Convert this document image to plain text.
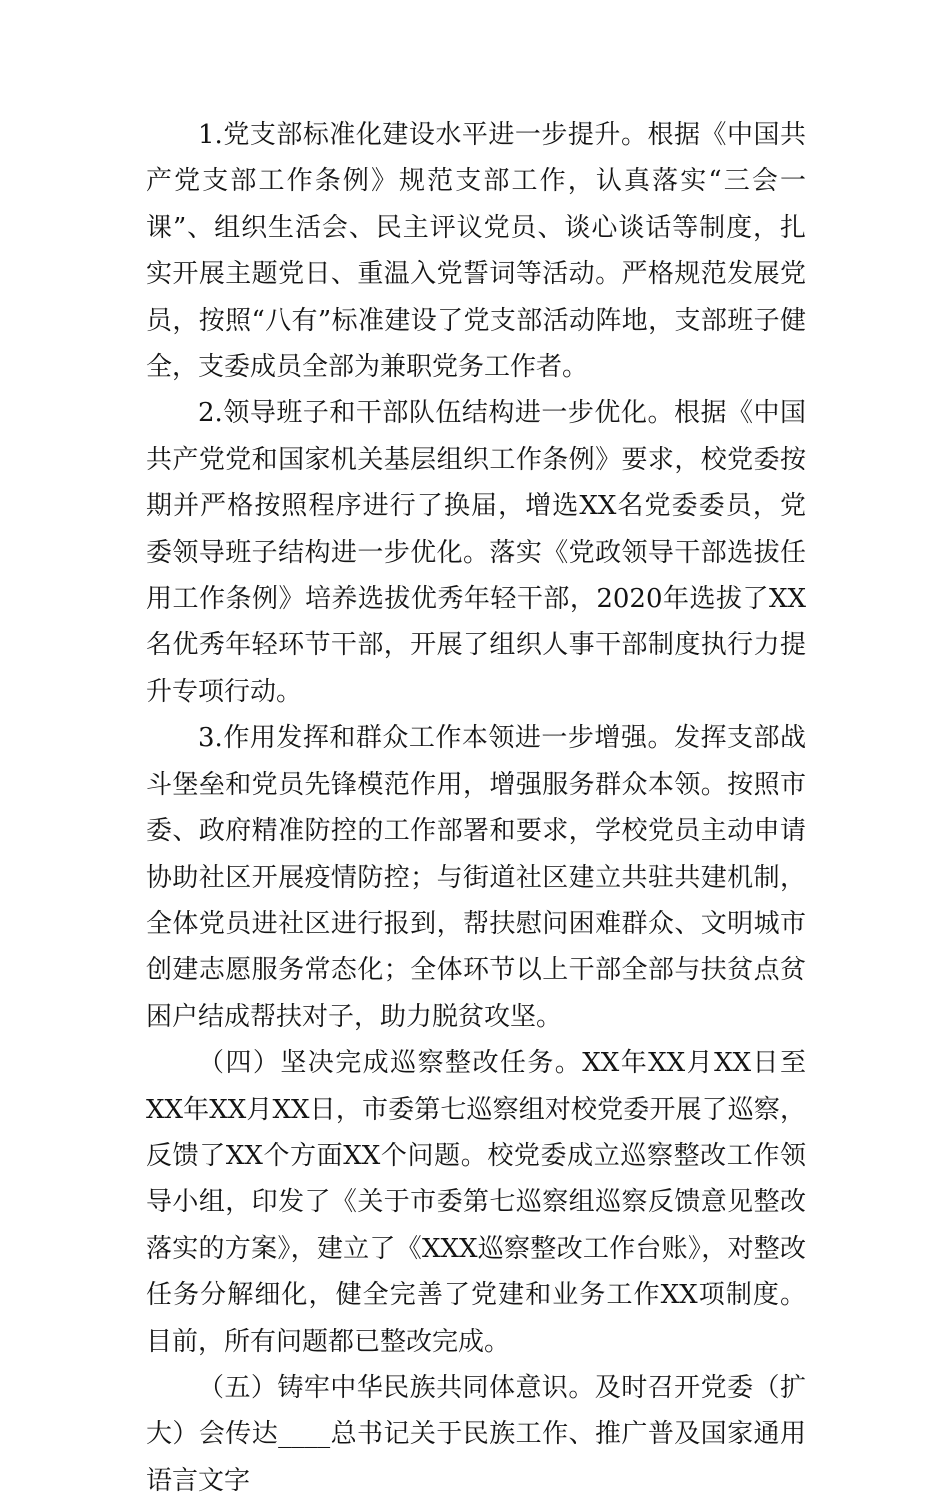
1.党支部标准化建设水平进一步提升。根据《中国共产党支部工作条例》规范支部工作，认真落实“三会一课”、组织生活会、民主评议党员、谈心谈话等制度，扎实开展主题党日、重温入党誓词等活动。严格规范发展党员，按照“八有”标准建设了党支部活动阵地，支部班子健全，支委成员全部为兼职党务工作者。

2.领导班子和干部队伍结构进一步优化。根据《中国共产党党和国家机关基层组织工作条例》要求，校党委按期并严格按照程序进行了换届，增选XX名党委委员，党委领导班子结构进一步优化。落实《党政领导干部选拔任用工作条例》培养选拔优秀年轻干部，2020年选拔了XX名优秀年轻环节干部，开展了组织人事干部制度执行力提升专项行动。

3.作用发挥和群众工作本领进一步增强。发挥支部战斗堡垒和党员先锋模范作用，增强服务群众本领。按照市委、政府精准防控的工作部署和要求，学校党员主动申请协助社区开展疫情防控；与街道社区建立共驻共建机制，全体党员进社区进行报到，帮扶慰问困难群众、文明城市创建志愿服务常态化；全体环节以上干部全部与扶贫点贫困户结成帮扶对子，助力脱贫攻坚。

（四）坚决完成巡察整改任务。XX年XX月XX日至XX年XX月XX日，市委第七巡察组对校党委开展了巡察，反馈了XX个方面XX个问题。校党委成立巡察整改工作领导小组，印发了《关于市委第七巡察组巡察反馈意见整改落实的方案》，建立了《XXX巡察整改工作台账》，对整改任务分解细化，健全完善了党建和业务工作XX项制度。目前，所有问题都已整改完成。

（五）铸牢中华民族共同体意识。及时召开党委（扩大）会传达____总书记关于民族工作、推广普及国家通用语言文字
